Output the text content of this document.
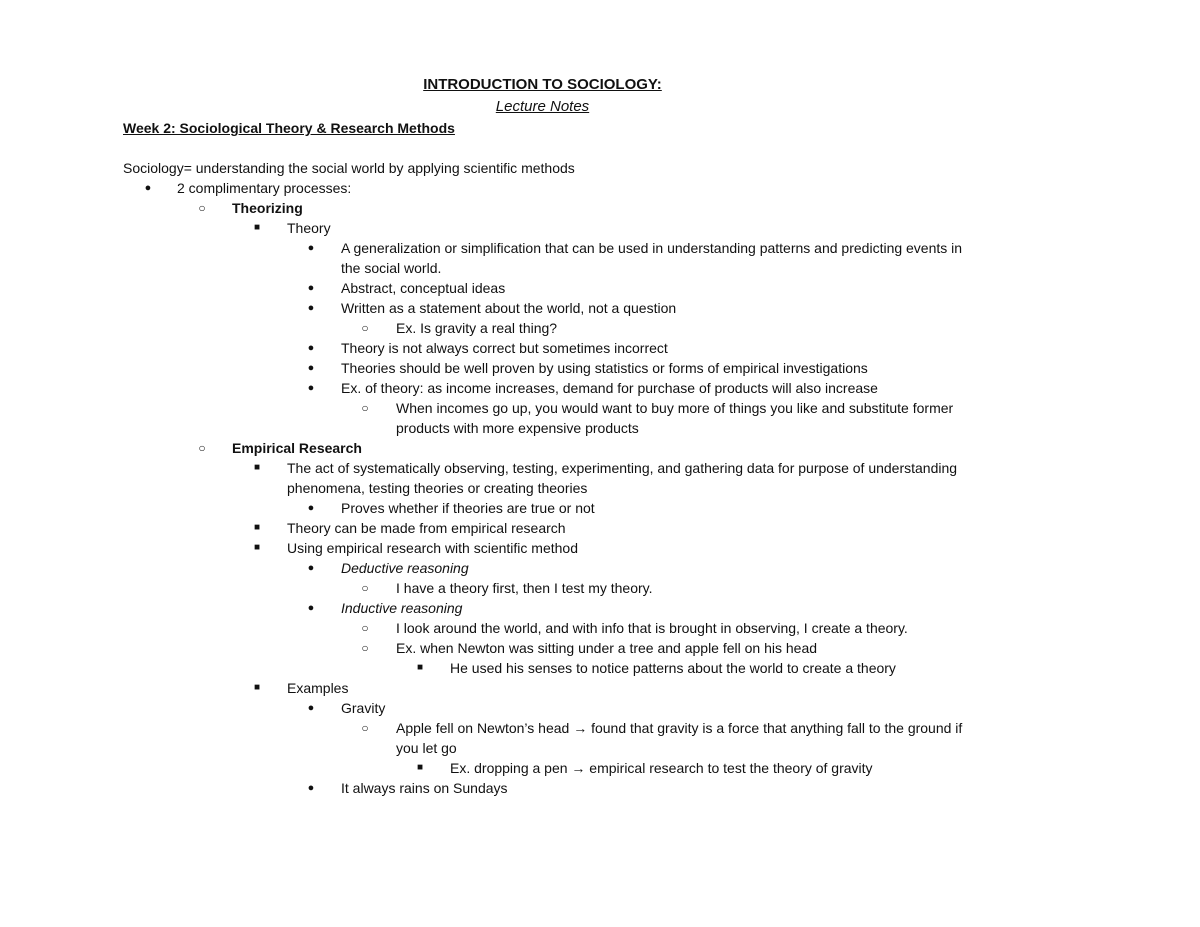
INTRODUCTION TO SOCIOLOGY:
Lecture Notes
Week 2: Sociological Theory & Research Methods
Sociology= understanding the social world by applying scientific methods
●	2 complimentary processes:
○	Theorizing
■	Theory
●	A generalization or simplification that can be used in understanding patterns and predicting events in the social world.
●	Abstract, conceptual ideas
●	Written as a statement about the world, not a question
○	Ex. Is gravity a real thing?
●	Theory is not always correct but sometimes incorrect
●	Theories should be well proven by using statistics or forms of empirical investigations
●	Ex. of theory: as income increases, demand for purchase of products will also increase
○	When incomes go up, you would want to buy more of things you like and substitute former products with more expensive products
○	Empirical Research
■	The act of systematically observing, testing, experimenting, and gathering data for purpose of understanding phenomena, testing theories or creating theories
●	Proves whether if theories are true or not
■	Theory can be made from empirical research
■	Using empirical research with scientific method
●	Deductive reasoning
○	I have a theory first, then I test my theory.
●	Inductive reasoning
○	I look around the world, and with info that is brought in observing, I create a theory.
○	Ex. when Newton was sitting under a tree and apple fell on his head
■	He used his senses to notice patterns about the world to create a theory
■	Examples
●	Gravity
○	Apple fell on Newton’s head → found that gravity is a force that anything fall to the ground if you let go
■	Ex. dropping a pen → empirical research to test the theory of gravity
●	It always rains on Sundays
